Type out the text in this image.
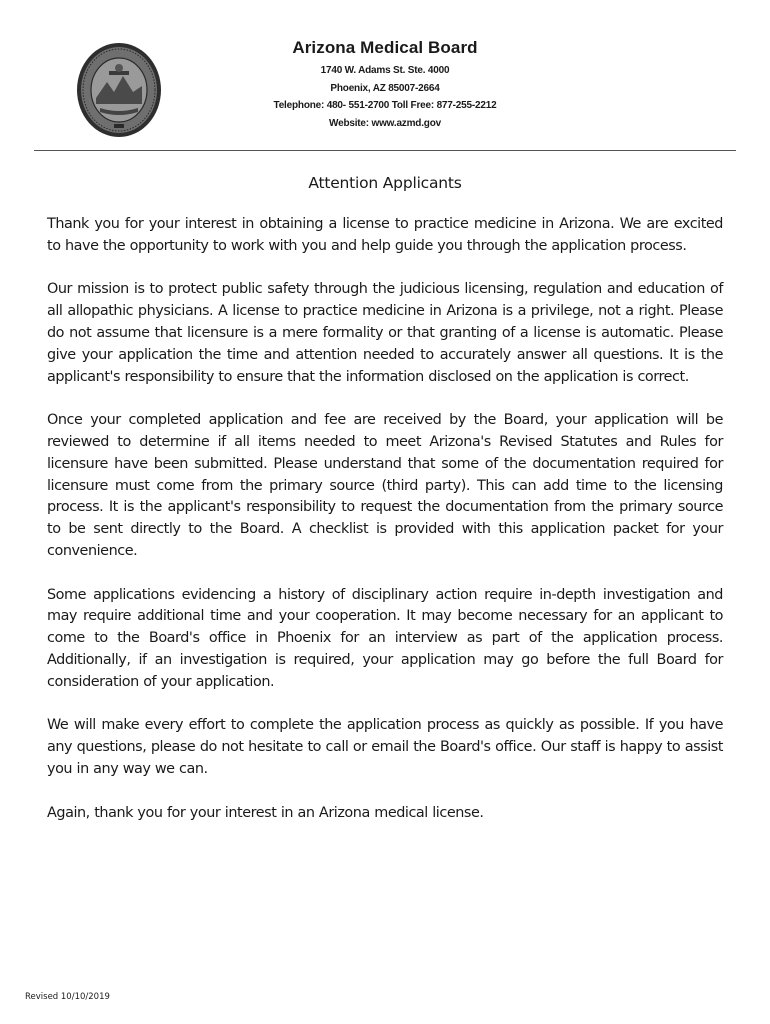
Arizona Medical Board
1740 W. Adams St. Ste. 4000
Phoenix, AZ 85007-2664
Telephone: 480- 551-2700 Toll Free: 877-255-2212
Website: www.azmd.gov
Attention Applicants

Thank you for your interest in obtaining a license to practice medicine in Arizona. We are excited to have the opportunity to work with you and help guide you through the application process.

Our mission is to protect public safety through the judicious licensing, regulation and education of all allopathic physicians. A license to practice medicine in Arizona is a privilege, not a right. Please do not assume that licensure is a mere formality or that granting of a license is automatic. Please give your application the time and attention needed to accurately answer all questions. It is the applicant's responsibility to ensure that the information disclosed on the application is correct.

Once your completed application and fee are received by the Board, your application will be reviewed to determine if all items needed to meet Arizona's Revised Statutes and Rules for licensure have been submitted. Please understand that some of the documentation required for licensure must come from the primary source (third party). This can add time to the licensing process. It is the applicant's responsibility to request the documentation from the primary source to be sent directly to the Board. A checklist is provided with this application packet for your convenience.

Some applications evidencing a history of disciplinary action require in-depth investigation and may require additional time and your cooperation. It may become necessary for an applicant to come to the Board's office in Phoenix for an interview as part of the application process. Additionally, if an investigation is required, your application may go before the full Board for consideration of your application.

We will make every effort to complete the application process as quickly as possible. If you have any questions, please do not hesitate to call or email the Board's office. Our staff is happy to assist you in any way we can.

Again, thank you for your interest in an Arizona medical license.

Revised 10/10/2019
